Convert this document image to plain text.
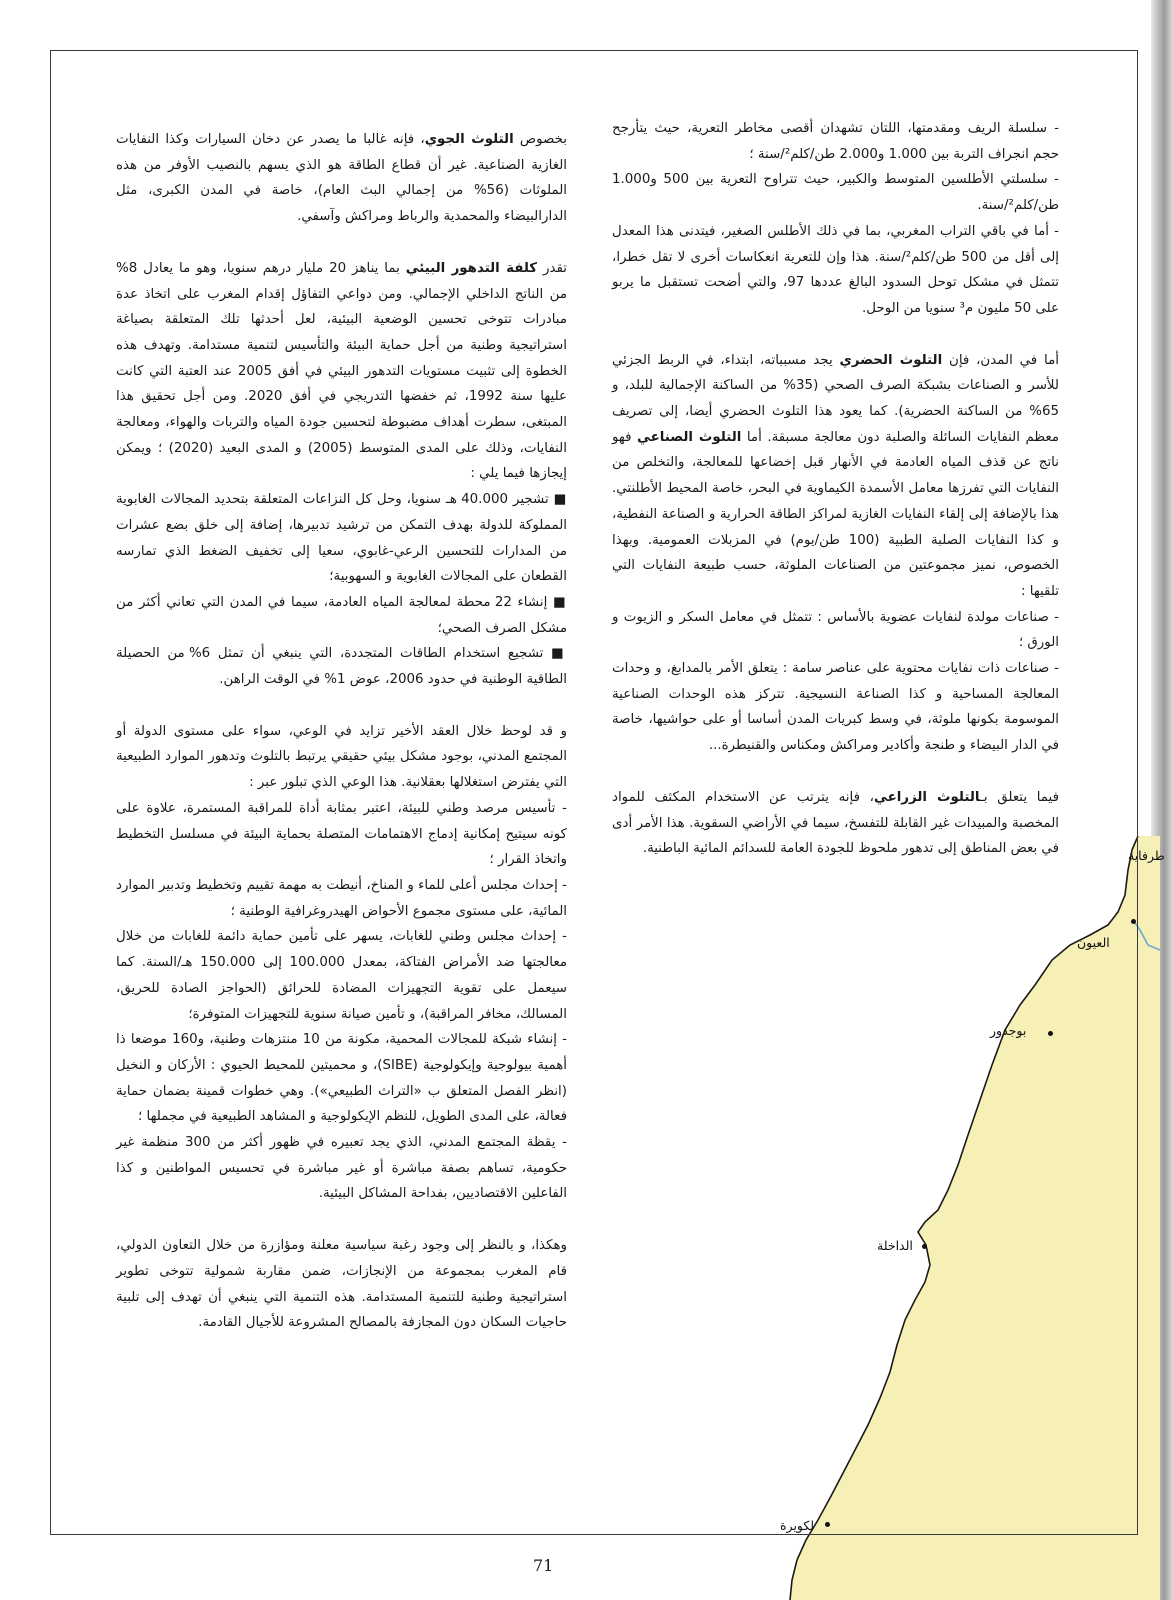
طرفاية
العيون
بوجدور
الداخلة
لكويرة

- سلسلة الريف ومقدمتها، اللتان تشهدان أقصى مخاطر التعرية، حيث يتأرجح حجم انجراف التربة بين 1.000 و2.000 طن/كلم²/سنة ؛

- سلسلتي الأطلسين المتوسط والكبير، حيث تتراوح التعرية بين 500 و1.000 طن/كلم²/سنة.

- أما في باقي التراب المغربي، بما في ذلك الأطلس الصغير، فيتدنى هذا المعدل إلى أقل من 500 طن/كلم²/سنة. هذا وإن للتعرية انعكاسات أخرى لا تقل خطرا، تتمثل في مشكل توحل السدود البالغ عددها 97، والتي أضحت تستقبل ما يربو على 50 مليون م³ سنويا من الوحل.

أما في المدن، فإن التلوث الحضري يجد مسبباته، ابتداء، في الربط الجزئي للأسر و الصناعات بشبكة الصرف الصحي (35% من الساكنة الإجمالية للبلد، و 65% من الساكنة الحضرية). كما يعود هذا التلوث الحضري أيضا، إلى تصريف معظم النفايات السائلة والصلبة دون معالجة مسبقة. أما التلوث الصناعي فهو ناتج عن قذف المياه العادمة في الأنهار قبل إخضاعها للمعالجة، والتخلص من النفايات التي تفرزها معامل الأسمدة الكيماوية في البحر، خاصة المحيط الأطلنتي. هذا بالإضافة إلى إلقاء النفايات الغازية لمراكز الطاقة الحرارية و الصناعة النفطية، و كذا النفايات الصلبة الطبية (100 طن/يوم) في المزبلات العمومية. وبهذا الخصوص، نميز مجموعتين من الصناعات الملوثة، حسب طبيعة النفايات التي تلقيها :

- صناعات مولدة لنفايات عضوية بالأساس : تتمثل في معامل السكر و الزيوت و الورق ؛

- صناعات ذات نفايات محتوية على عناصر سامة : يتعلق الأمر بالمدابغ، و وحدات المعالجة المساحية و كذا الصناعة النسيجية. تتركز هذه الوحدات الصناعية الموسومة بكونها ملوثة، في وسط كبريات المدن أساسا أو على حواشيها، خاصة في الدار البيضاء و طنجة وأكادير ومراكش ومكناس والقنيطرة...

فيما يتعلق بـالتلوث الزراعي، فإنه يترتب عن الاستخدام المكثف للمواد المخصبة والمبيدات غير القابلة للتفسخ، سيما في الأراضي السقوية. هذا الأمر أدى في بعض المناطق إلى تدهور ملحوظ للجودة العامة للسدائم المائية الباطنية.

بخصوص التلوث الجوي، فإنه غالبا ما يصدر عن دخان السيارات وكذا النفايات الغازية الصناعية. غير أن قطاع الطاقة هو الذي يسهم بالنصيب الأوفر من هذه الملوثات (56% من إجمالي البث العام)، خاصة في المدن الكبرى، مثل الدارالبيضاء والمحمدية والرباط ومراكش وآسفي.

تقدر كلفة التدهور البيئي بما يناهز 20 مليار درهم سنويا، وهو ما يعادل 8% من الناتج الداخلي الإجمالي. ومن دواعي التفاؤل إقدام المغرب على اتخاذ عدة مبادرات تتوخى تحسين الوضعية البيئية، لعل أحدثها تلك المتعلقة بصياغة استراتيجية وطنية من أجل حماية البيئة والتأسيس لتنمية مستدامة. وتهدف هذه الخطوة إلى تثبيت مستويات التدهور البيئي في أفق 2005 عند العتبة التي كانت عليها سنة 1992، ثم خفضها التدريجي في أفق 2020. ومن أجل تحقيق هذا المبتغى، سطرت أهداف مضبوطة لتحسين جودة المياه والتربات والهواء، ومعالجة النفايات، وذلك على المدى المتوسط (2005) و المدى البعيد (2020) ؛ ويمكن إيجازها فيما يلي :

■ تشجير 40.000 هـ سنويا، وحل كل النزاعات المتعلقة بتحديد المجالات الغابوية المملوكة للدولة بهدف التمكن من ترشيد تدبيرها، إضافة إلى خلق بضع عشرات من المدارات للتحسين الرعي-غابوي، سعيا إلى تخفيف الضغط الذي تمارسه القطعان على المجالات الغابوية و السهوبية؛

■ إنشاء 22 محطة لمعالجة المياه العادمة، سيما في المدن التي تعاني أكثر من مشكل الصرف الصحي؛

■ تشجيع استخدام الطاقات المتجددة، التي ينبغي أن تمثل 6% من الحصيلة الطاقية الوطنية في حدود 2006، عوض 1% في الوقت الراهن.

و قد لوحظ خلال العقد الأخير تزايد في الوعي، سواء على مستوى الدولة أو المجتمع المدني، بوجود مشكل بيئي حقيقي يرتبط بالتلوث وتدهور الموارد الطبيعية التي يفترض استغلالها بعقلانية. هذا الوعي الذي تبلور عبر :

- تأسيس مرصد وطني للبيئة، اعتبر بمثابة أداة للمراقبة المستمرة، علاوة على كونه سيتيح إمكانية إدماج الاهتمامات المتصلة بحماية البيئة في مسلسل التخطيط واتخاذ القرار ؛

- إحداث مجلس أعلى للماء و المناخ، أنيطت به مهمة تقييم وتخطيط وتدبير الموارد المائية، على مستوى مجموع الأحواض الهيدروغرافية الوطنية ؛

- إحداث مجلس وطني للغابات، يسهر على تأمين حماية دائمة للغابات من خلال معالجتها ضد الأمراض الفتاكة، بمعدل 100.000 إلى 150.000 هـ/السنة. كما سيعمل على تقوية التجهيزات المضادة للحرائق (الحواجز الصادة للحريق، المسالك، مخافر المراقبة)، و تأمين صيانة سنوية للتجهيزات المتوفرة؛

- إنشاء شبكة للمجالات المحمية، مكونة من 10 منتزهات وطنية، و160 موضعا ذا أهمية بيولوجية وإيكولوجية (SIBE)، و محميتين للمحيط الحيوي : الأركان و النخيل (انظر الفصل المتعلق ب «التراث الطبيعي»). وهي خطوات قمينة بضمان حماية فعالة، على المدى الطويل، للنظم الإيكولوجية و المشاهد الطبيعية في مجملها ؛

- يقظة المجتمع المدني، الذي يجد تعبيره في ظهور أكثر من 300 منظمة غير حكومية، تساهم بصفة مباشرة أو غير مباشرة في تحسيس المواطنين و كذا الفاعلين الاقتصاديين، بفداحة المشاكل البيئية.

وهكذا، و بالنظر إلى وجود رغبة سياسية معلنة ومؤازرة من خلال التعاون الدولي، قام المغرب بمجموعة من الإنجازات، ضمن مقاربة شمولية تتوخى تطوير استراتيجية وطنية للتنمية المستدامة. هذه التنمية التي ينبغي أن تهدف إلى تلبية حاجيات السكان دون المجازفة بالمصالح المشروعة للأجيال القادمة.

71
